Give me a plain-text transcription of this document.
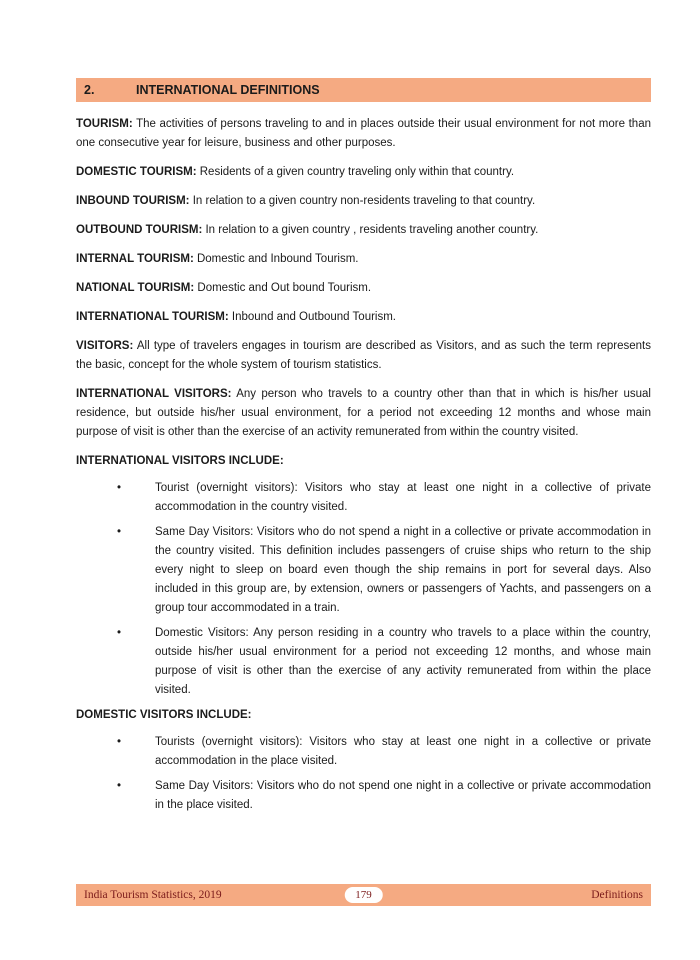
2.	INTERNATIONAL DEFINITIONS

TOURISM: The activities of persons traveling to and in places outside their usual environment for not more than one consecutive year for leisure, business and other purposes.

DOMESTIC TOURISM: Residents of a given country traveling only within that country.

INBOUND TOURISM: In relation to a given country non-residents traveling to that country.

OUTBOUND TOURISM: In relation to a given country , residents traveling another country.

INTERNAL TOURISM: Domestic and Inbound Tourism.

NATIONAL TOURISM: Domestic and Out bound Tourism.

INTERNATIONAL TOURISM: Inbound and Outbound Tourism.

VISITORS: All type of travelers engages in tourism are described as Visitors, and as such the term represents the basic, concept for the whole system of tourism statistics.

INTERNATIONAL VISITORS: Any person who travels to a country other than that in which is his/her usual residence, but outside his/her usual environment, for a period not exceeding 12 months and whose main purpose of visit is other than the exercise of an activity remunerated from within the country visited.

INTERNATIONAL VISITORS INCLUDE:

•	Tourist (overnight visitors): Visitors who stay at least one night in a collective of private accommodation in the country visited.
•	Same Day Visitors: Visitors who do not spend a night in a collective or private accommodation in the country visited. This definition includes passengers of cruise ships who return to the ship every night to sleep on board even though the ship remains in port for several days. Also included in this group are, by extension, owners or passengers of Yachts, and passengers on a group tour accommodated in a train.
•	Domestic Visitors: Any person residing in a country who travels to a place within the country, outside his/her usual environment for a period not exceeding 12 months, and whose main purpose of visit is other than the exercise of any activity remunerated from within the place visited.

DOMESTIC VISITORS INCLUDE:

•	Tourists (overnight visitors): Visitors who stay at least one night in a collective or private accommodation in the place visited.
•	Same Day Visitors: Visitors who do not spend one night in a collective or private accommodation in the place visited.
India Tourism Statistics, 2019	179	Definitions
